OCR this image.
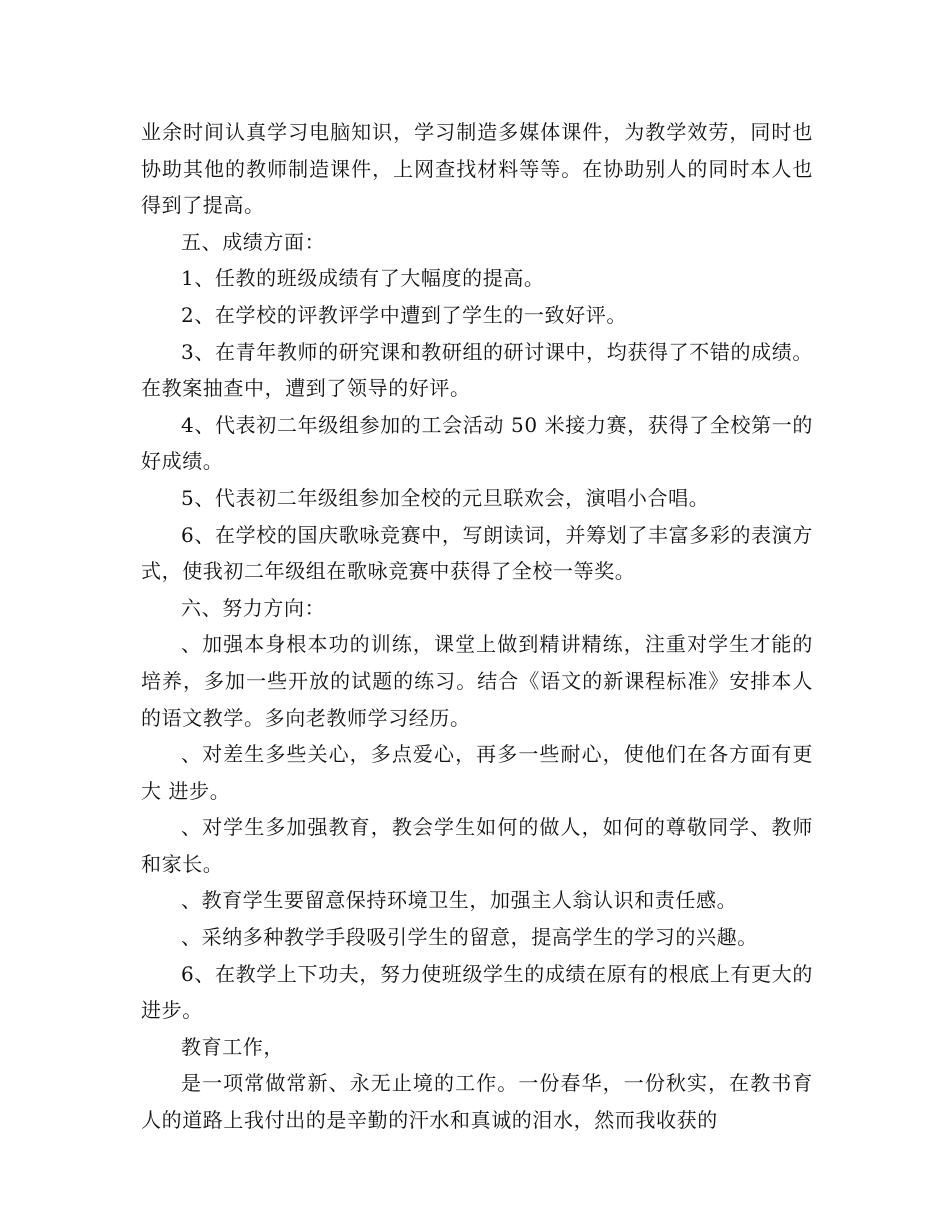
业余时间认真学习电脑知识，学习制造多媒体课件，为教学效劳，同时也协助其他的教师制造课件，上网查找材料等等。在协助别人的同时本人也得到了提高。

五、成绩方面：

1、任教的班级成绩有了大幅度的提高。

2、在学校的评教评学中遭到了学生的一致好评。

3、在青年教师的研究课和教研组的研讨课中，均获得了不错的成绩。在教案抽查中，遭到了领导的好评。

4、代表初二年级组参加的工会活动 50 米接力赛，获得了全校第一的好成绩。

5、代表初二年级组参加全校的元旦联欢会，演唱小合唱。

6、在学校的国庆歌咏竞赛中，写朗读词，并筹划了丰富多彩的表演方式，使我初二年级组在歌咏竞赛中获得了全校一等奖。

六、努力方向：

、加强本身根本功的训练，课堂上做到精讲精练，注重对学生才能的培养，多加一些开放的试题的练习。结合《语文的新课程标准》安排本人的语文教学。多向老教师学习经历。

、对差生多些关心，多点爱心，再多一些耐心，使他们在各方面有更大 进步。

、对学生多加强教育，教会学生如何的做人，如何的尊敬同学、教师和家长。

、教育学生要留意保持环境卫生，加强主人翁认识和责任感。

、采纳多种教学手段吸引学生的留意，提高学生的学习的兴趣。

6、在教学上下功夫，努力使班级学生的成绩在原有的根底上有更大的进步。

教育工作，

是一项常做常新、永无止境的工作。一份春华，一份秋实，在教书育人的道路上我付出的是辛勤的汗水和真诚的泪水，然而我收获的
